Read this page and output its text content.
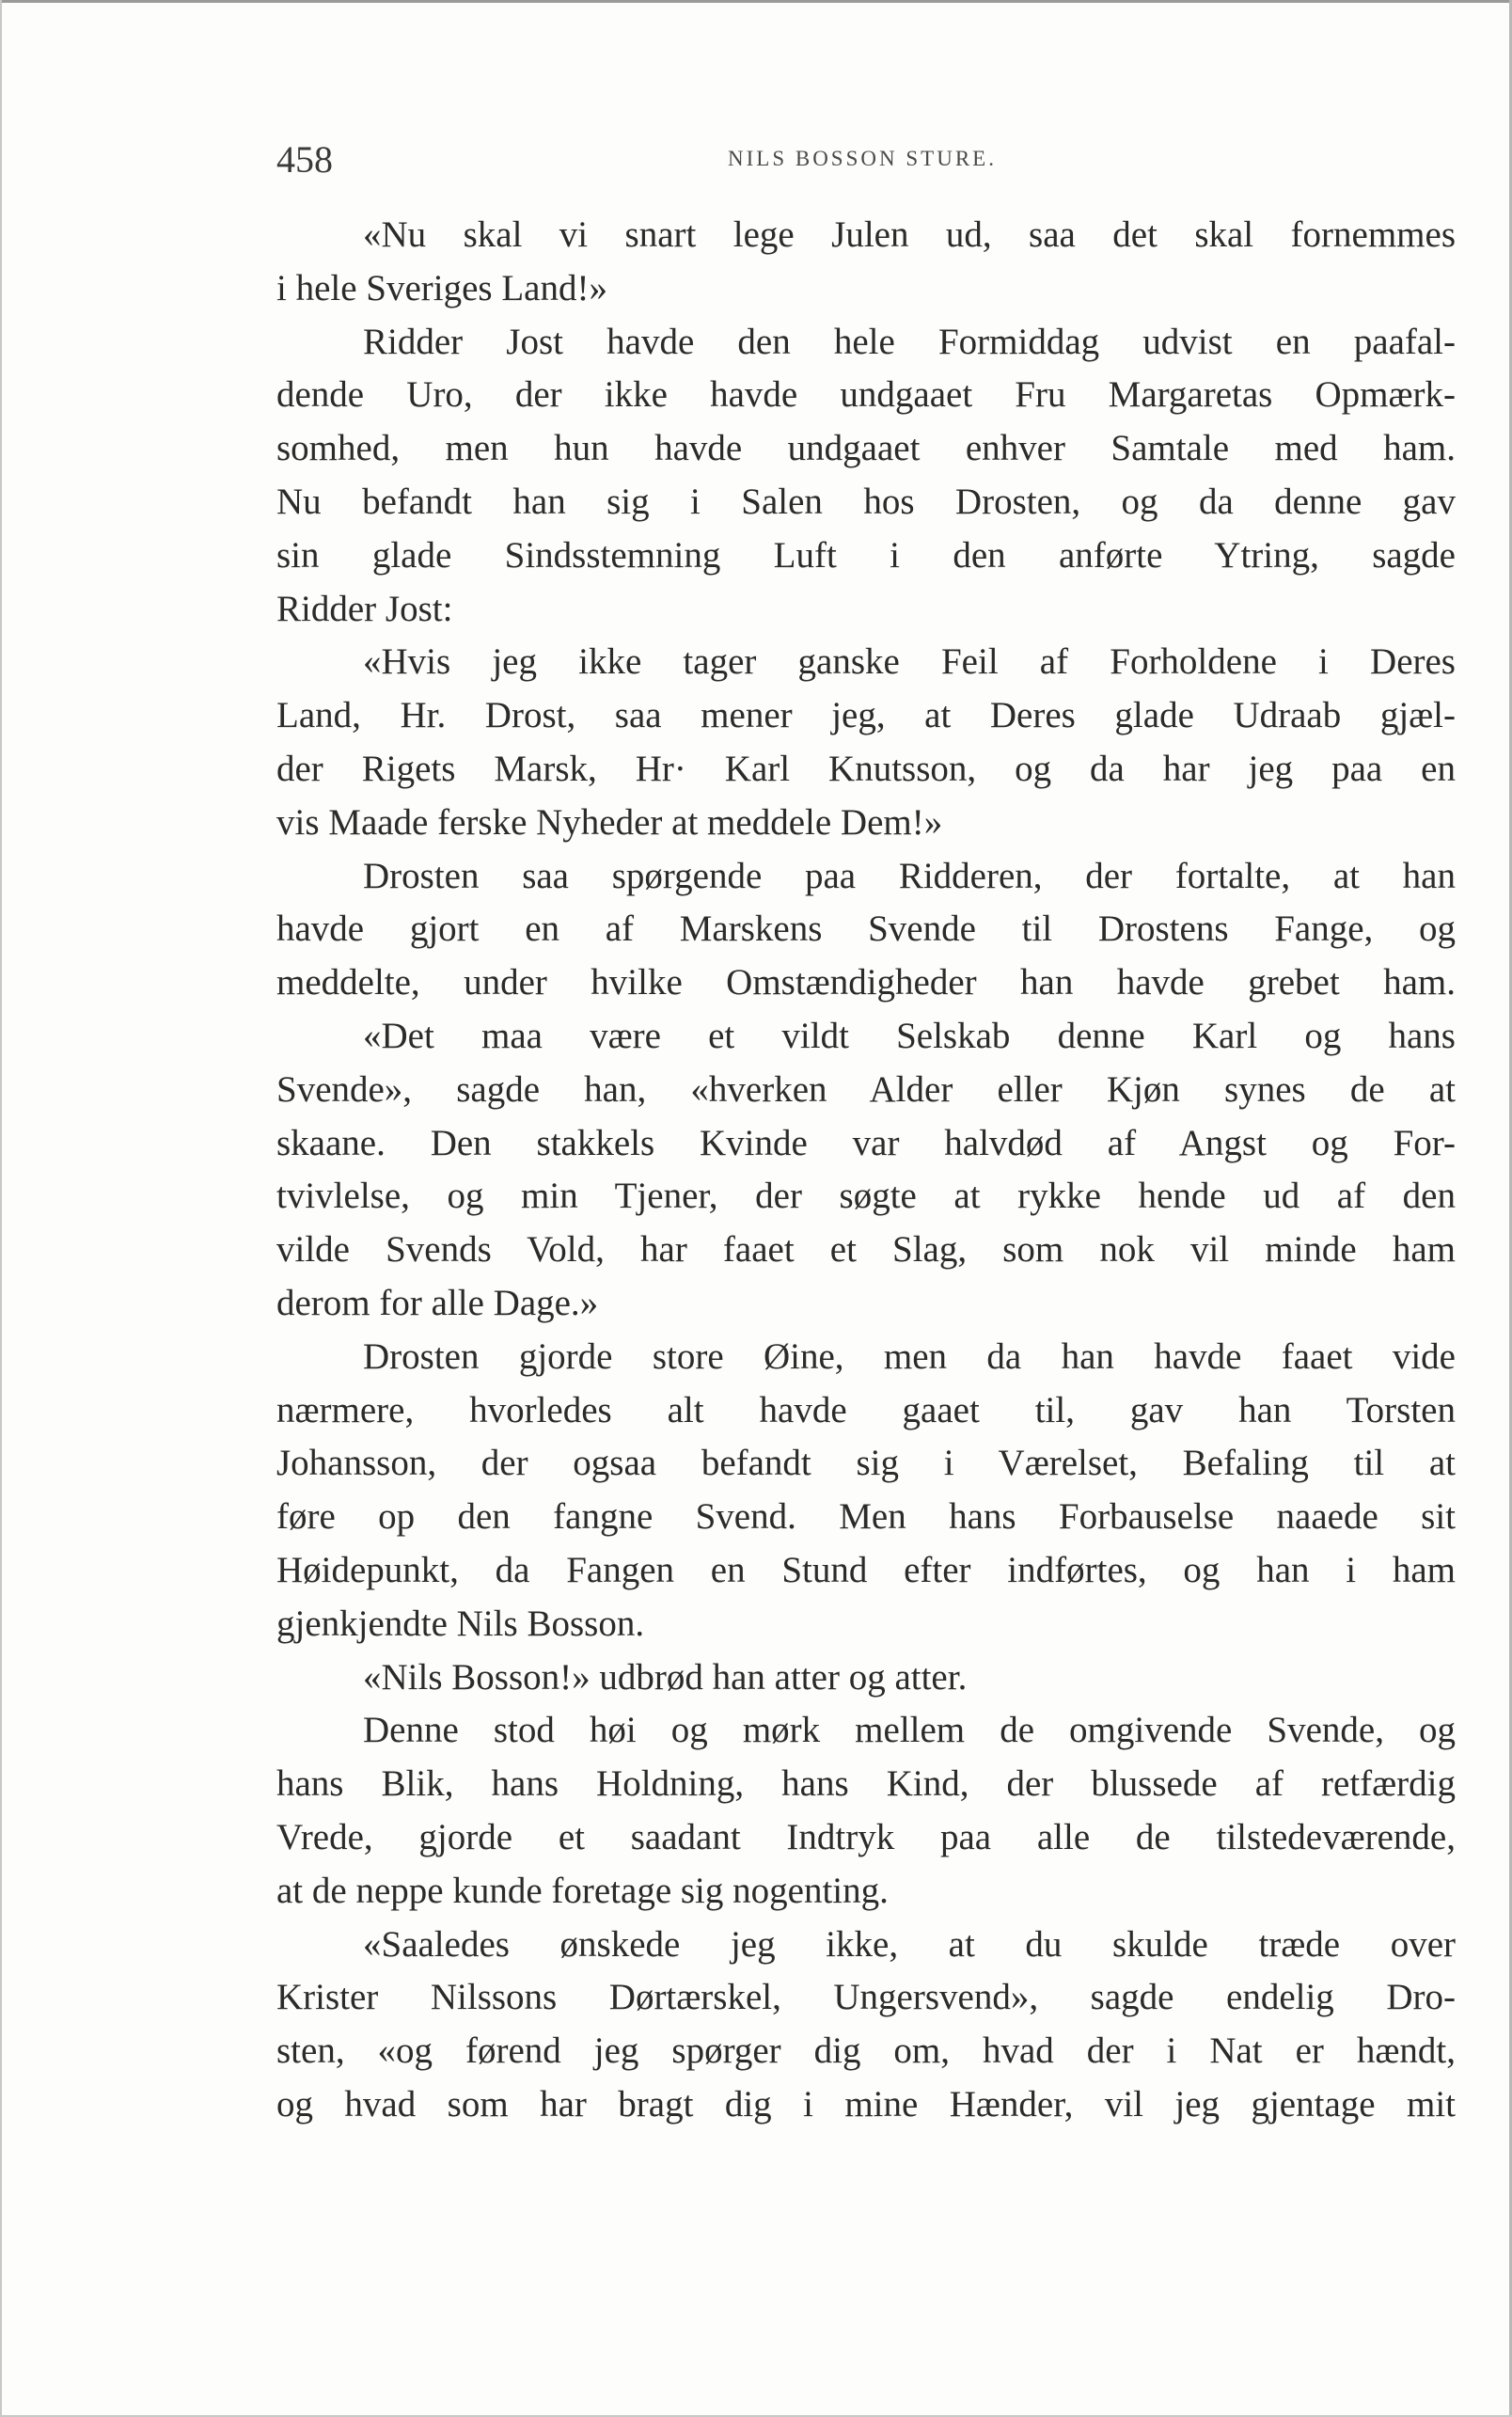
458	NILS BOSSON STURE.
«Nu skal vi snart lege Julen ud, saa det skal fornemmes
i hele Sveriges Land!»
Ridder Jost havde den hele Formiddag udvist en paafal-
dende Uro, der ikke havde undgaaet Fru Margaretas Opmærk-
somhed, men hun havde undgaaet enhver Samtale med ham.
Nu befandt han sig i Salen hos Drosten, og da denne gav
sin glade Sindsstemning Luft i den anførte Ytring, sagde
Ridder Jost:
«Hvis jeg ikke tager ganske Feil af Forholdene i Deres
Land, Hr. Drost, saa mener jeg, at Deres glade Udraab gjæl-
der Rigets Marsk, Hr· Karl Knutsson, og da har jeg paa en
vis Maade ferske Nyheder at meddele Dem!»
Drosten saa spørgende paa Ridderen, der fortalte, at han
havde gjort en af Marskens Svende til Drostens Fange, og
meddelte, under hvilke Omstændigheder han havde grebet ham.
«Det maa være et vildt Selskab denne Karl og hans
Svende», sagde han, «hverken Alder eller Kjøn synes de at
skaane. Den stakkels Kvinde var halvdød af Angst og For-
tvivlelse, og min Tjener, der søgte at rykke hende ud af den
vilde Svends Vold, har faaet et Slag, som nok vil minde ham
derom for alle Dage.»
Drosten gjorde store Øine, men da han havde faaet vide
nærmere, hvorledes alt havde gaaet til, gav han Torsten
Johansson, der ogsaa befandt sig i Værelset, Befaling til at
føre op den fangne Svend. Men hans Forbauselse naaede sit
Høidepunkt, da Fangen en Stund efter indførtes, og han i ham
gjenkjendte Nils Bosson.
«Nils Bosson!» udbrød han atter og atter.
Denne stod høi og mørk mellem de omgivende Svende, og
hans Blik, hans Holdning, hans Kind, der blussede af retfærdig
Vrede, gjorde et saadant Indtryk paa alle de tilstedeværende,
at de neppe kunde foretage sig nogenting.
«Saaledes ønskede jeg ikke, at du skulde træde over
Krister Nilssons Dørtærskel, Ungersvend», sagde endelig Dro-
sten, «og førend jeg spørger dig om, hvad der i Nat er hændt,
og hvad som har bragt dig i mine Hænder, vil jeg gjentage mit
